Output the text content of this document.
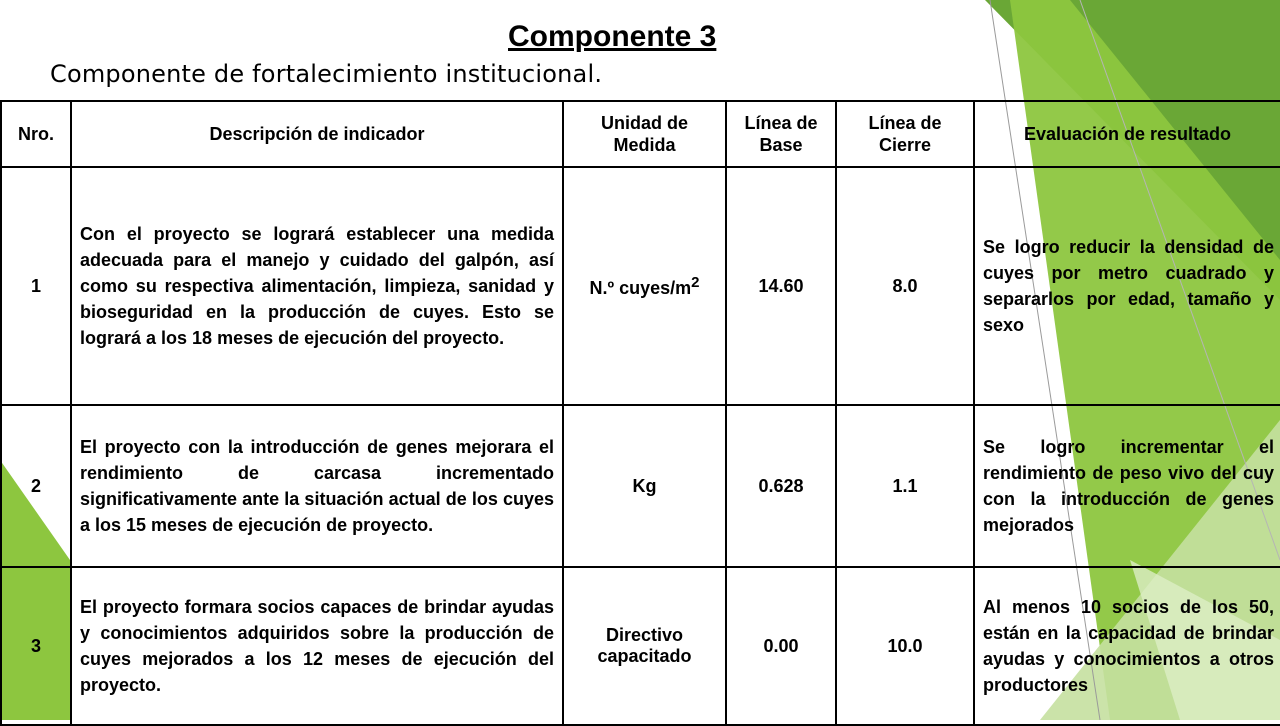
Componente 3

Componente de fortalecimiento institucional.

Nro.	Descripción de indicador	Unidad de Medida	Línea de Base	Línea de Cierre	Evaluación de resultado
1	Con el proyecto se logrará establecer una medida adecuada para el manejo y cuidado del galpón, así como su respectiva alimentación, limpieza, sanidad y bioseguridad en la producción de cuyes. Esto se logrará a los 18 meses de ejecución del proyecto.	N.º cuyes/$m^2$	14.60	8.0	Se logro reducir la densidad de cuyes por metro cuadrado y separarlos por edad, tamaño y sexo
2	El proyecto con la introducción de genes mejorara el rendimiento de carcasa incrementado significativamente ante la situación actual de los cuyes a los 15 meses de ejecución de proyecto.	Kg	0.628	1.1	Se logro incrementar el rendimiento de peso vivo del cuy con la introducción de genes mejorados
3	El proyecto formara socios capaces de brindar ayudas y conocimientos adquiridos sobre la producción de cuyes mejorados a los 12 meses de ejecución del proyecto.	Directivo capacitado	0.00	10.0	Al menos 10 socios de los 50, están en la capacidad de brindar ayudas y conocimientos a otros productores
